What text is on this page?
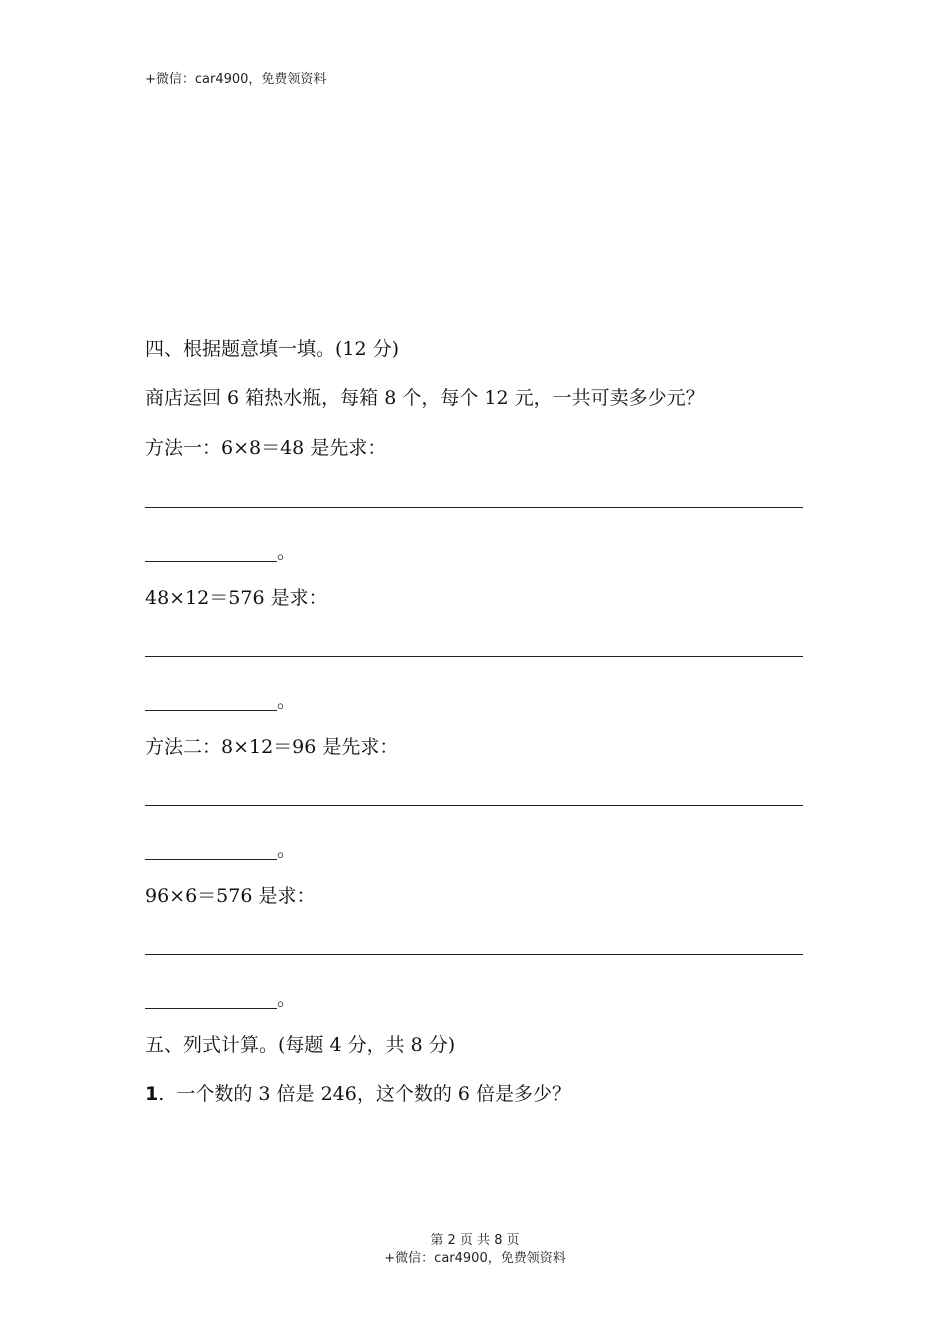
+微信：car4900，免费领资料
四、根据题意填一填。(12 分)
商店运回 6 箱热水瓶，每箱 8 个，每个 12 元，一共可卖多少元？
方法一：6×8＝48 是先求：
。
48×12＝576 是求：
。
方法二：8×12＝96 是先求：
。
96×6＝576 是求：
。
五、列式计算。(每题 4 分，共 8 分)
1.  一个数的 3 倍是 246，这个数的 6 倍是多少？
第 2 页 共 8 页
+微信：car4900，免费领资料
